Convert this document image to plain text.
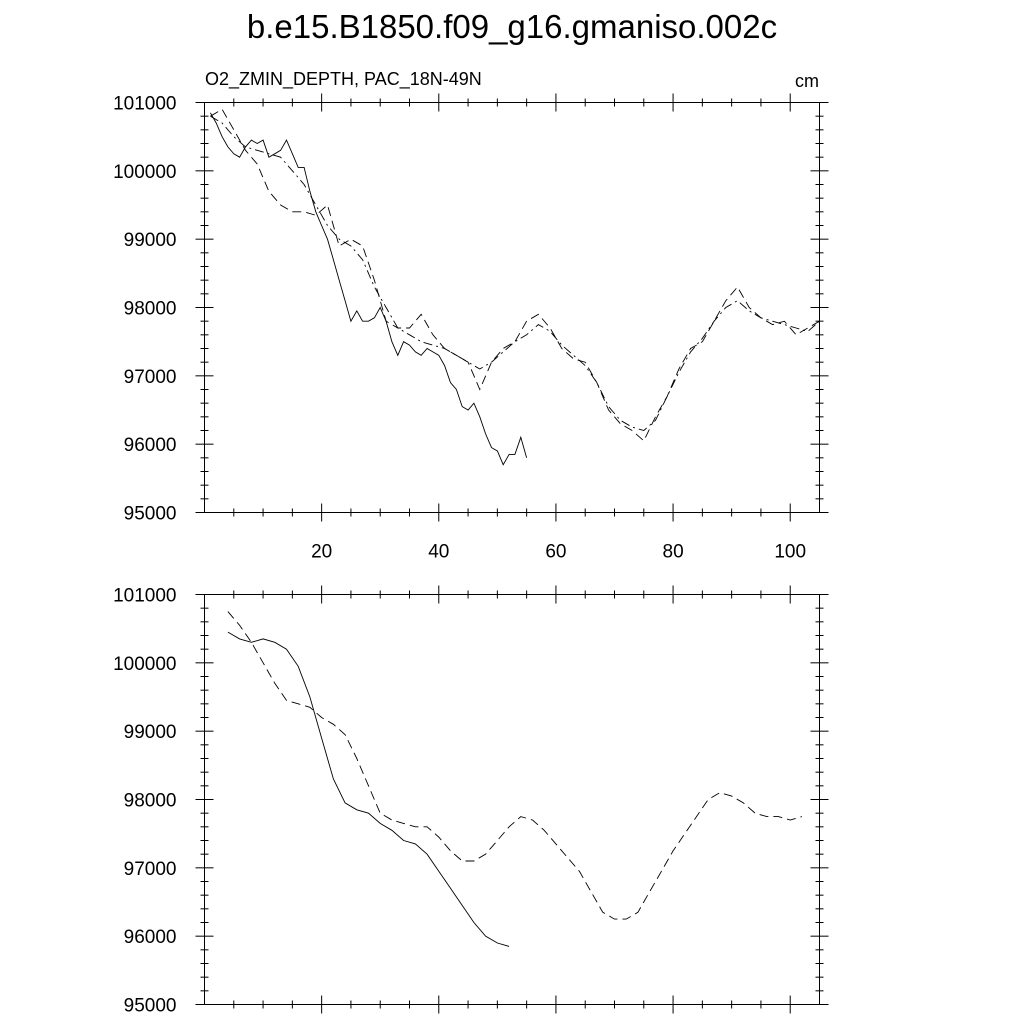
b.e15.B1850.f09_g16.gmaniso.002c
O2_ZMIN_DEPTH, PAC_18N-49N	cm
95000
96000
97000
98000
99000
100000
101000
20	40	60	80	100
95000
96000
97000
98000
99000
100000
101000
